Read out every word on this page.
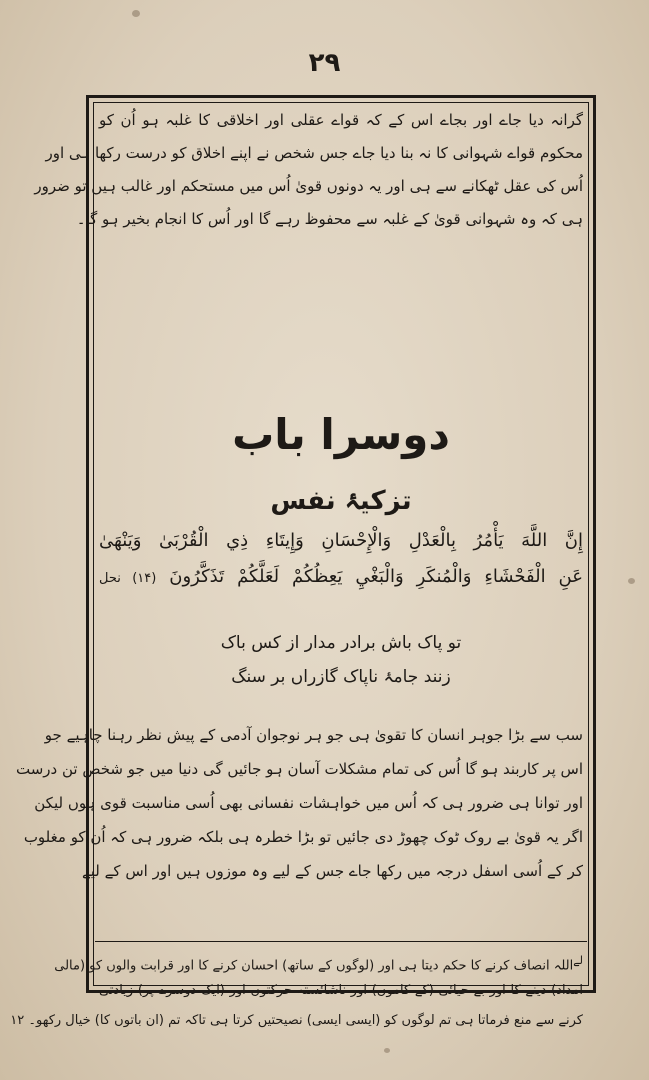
۲۹
گرانہ دیا جاے اور بجاے اس کے کہ قواے عقلی اور اخلاقی کا غلبہ ہو اُن کو
محکوم قواے شہوانی کا نہ بنا دیا جاے جس شخص نے اپنے اخلاق کو درست رکھا ہی اور
اُس کی عقل ٹھکانے سے ہی اور یہ دونوں قویٰ اُس میں مستحکم اور غالب ہیں تو ضرور
ہی کہ وہ شہوانی قویٰ کے غلبہ سے محفوظ رہے گا اور اُس کا انجام بخیر ہو گا۔
دوسرا باب
تزکیۂ نفس
إِنَّ اللَّهَ يَأْمُرُ بِالْعَدْلِ وَالْإِحْسَانِ وَإِيتَاءِ ذِي الْقُرْبَىٰ وَيَنْهَىٰ
عَنِ الْفَحْشَاءِ وَالْمُنكَرِ وَالْبَغْيِ يَعِظُكُمْ لَعَلَّكُمْ تَذَكَّرُونَ (۱۴) نحل
تو پاک باش برادر مدار از کس باک
زنند جامۂ ناپاک گازراں بر سنگ
سب سے بڑا جوہر انسان کا تقویٰ ہی جو ہر نوجوان آدمی کے پیش نظر رہنا چاہیے جو
اس پر کاربند ہو گا اُس کی تمام مشکلات آسان ہو جائیں گی دنیا میں جو شخص تن درست
اور توانا ہی ضرور ہی کہ اُس میں خواہشات نفسانی بھی اُسی مناسبت قوی ہوں لیکن
اگر یہ قویٰ بے روک ٹوک چھوڑ دی جائیں تو بڑا خطرہ ہی بلکہ ضرور ہی کہ اُن کو مغلوب
کر کے اُسی اسفل درجہ میں رکھا جاے جس کے لیے وہ موزوں ہیں اور اس کے لیے
$^{لے}$اللہ انصاف کرنے کا حکم دیتا ہی اور (لوگوں کے ساتھ) احسان کرنے کا اور قرابت والوں کو (مالی
امداد) دینے کا اور بے حیائی (کے کاموں) اور ناشائستہ حرکتوں اور (ایک دوسرے پر) زیادتی
کرنے سے منع فرماتا ہی تم لوگوں کو (ایسی ایسی) نصیحتیں کرتا ہی تاکہ تم (ان باتوں کا) خیال رکھو۔ ۱۲
